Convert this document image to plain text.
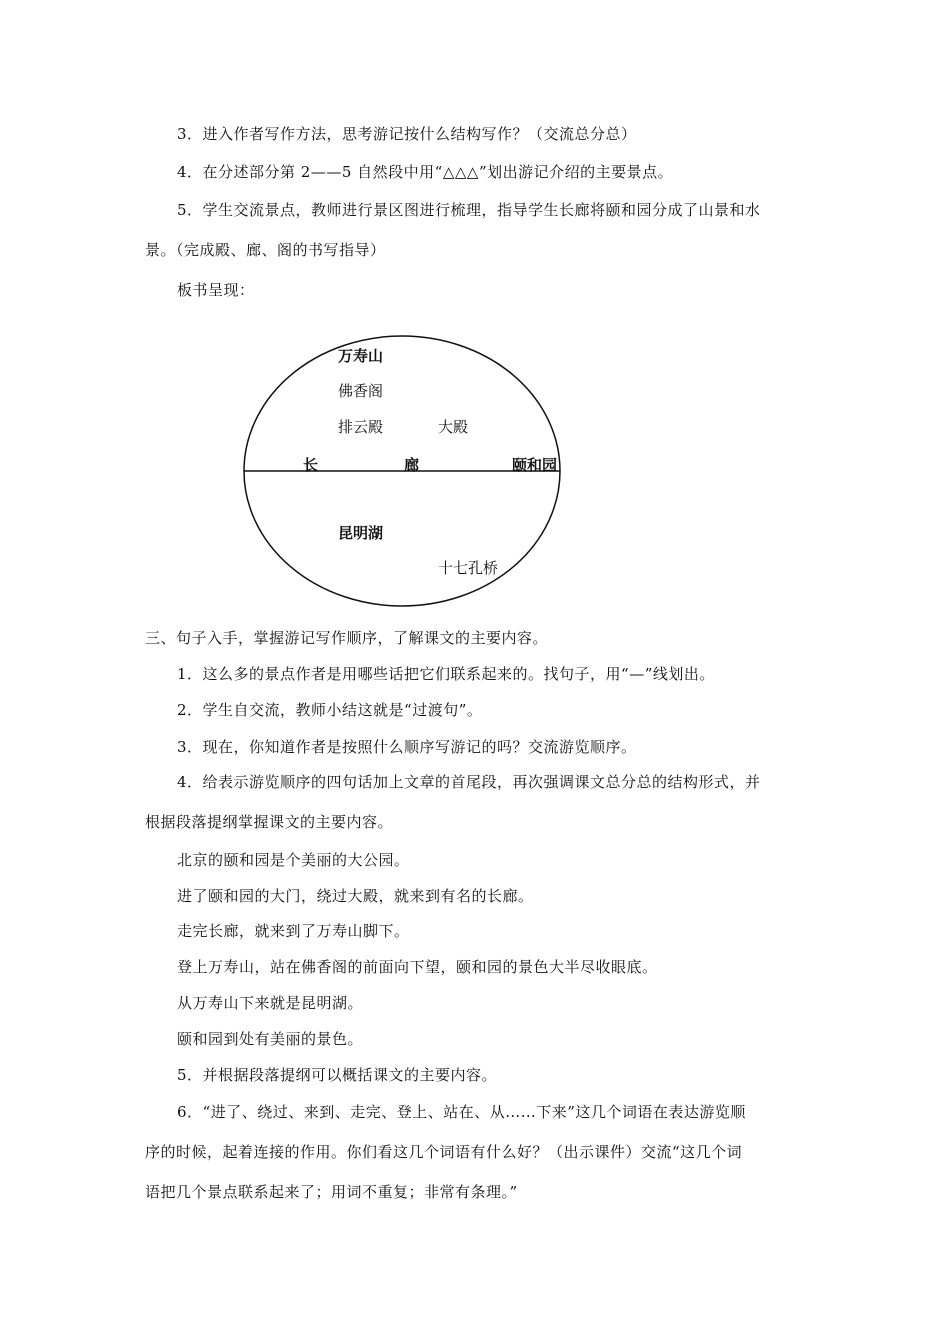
3．进入作者写作方法，思考游记按什么结构写作？（交流总分总）
4．在分述部分第 2——5 自然段中用“△△△”划出游记介绍的主要景点。
5．学生交流景点，教师进行景区图进行梳理，指导学生长廊将颐和园分成了山景和水
景。（完成殿、廊、阁的书写指导）
板书呈现：
万寿山
佛香阁
排云殿	大殿
长	廊	颐和园
昆明湖
十七孔桥
三、句子入手，掌握游记写作顺序，了解课文的主要内容。
1．这么多的景点作者是用哪些话把它们联系起来的。找句子，用“—”线划出。
2．学生自交流，教师小结这就是“过渡句”。
3．现在，你知道作者是按照什么顺序写游记的吗？交流游览顺序。
4．给表示游览顺序的四句话加上文章的首尾段，再次强调课文总分总的结构形式，并
根据段落提纲掌握课文的主要内容。
北京的颐和园是个美丽的大公园。
进了颐和园的大门，绕过大殿，就来到有名的长廊。
走完长廊，就来到了万寿山脚下。
登上万寿山，站在佛香阁的前面向下望，颐和园的景色大半尽收眼底。
从万寿山下来就是昆明湖。
颐和园到处有美丽的景色。
5．并根据段落提纲可以概括课文的主要内容。
6．“进了、绕过、来到、走完、登上、站在、从……下来”这几个词语在表达游览顺
序的时候，起着连接的作用。你们看这几个词语有什么好？（出示课件）交流“这几个词
语把几个景点联系起来了；用词不重复；非常有条理。”
